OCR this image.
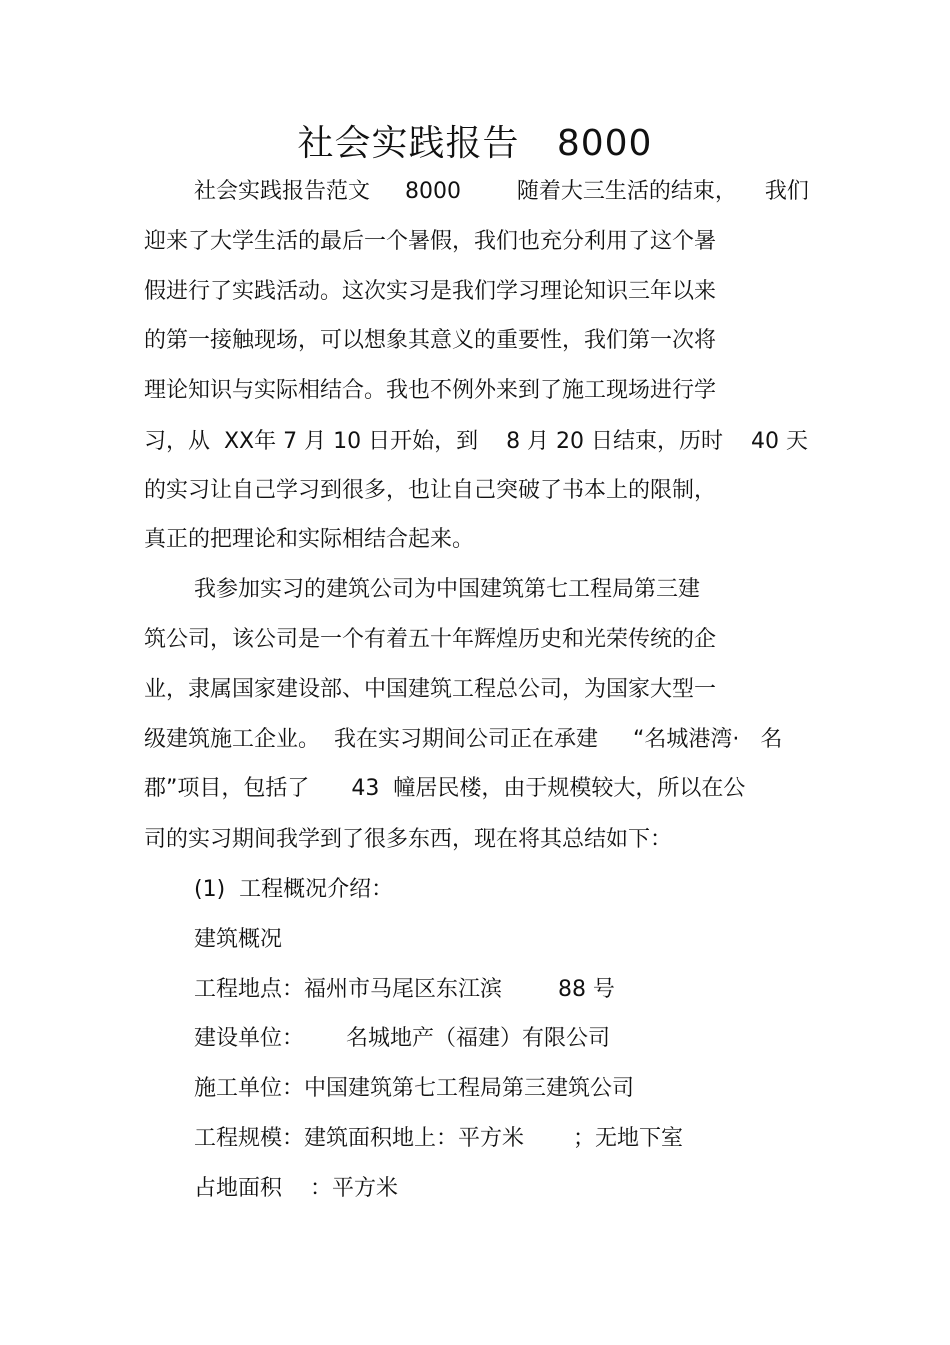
社会实践报告   8000
社会实践报告范文     8000        随着大三生活的结束，    我们
迎来了大学生活的最后一个暑假，我们也充分利用了这个暑
假进行了实践活动。这次实习是我们学习理论知识三年以来
的第一接触现场，可以想象其意义的重要性，我们第一次将
理论知识与实际相结合。我也不例外来到了施工现场进行学
习，从  XX年 7 月 10 日开始，到    8 月 20 日结束，历时    40 天
的实习让自己学习到很多，也让自己突破了书本上的限制，
真正的把理论和实际相结合起来。
我参加实习的建筑公司为中国建筑第七工程局第三建
筑公司，该公司是一个有着五十年辉煌历史和光荣传统的企
业，隶属国家建设部、中国建筑工程总公司，为国家大型一
级建筑施工企业。  我在实习期间公司正在承建     “名城港湾·   名
郡”项目，包括了      43  幢居民楼，由于规模较大，所以在公
司的实习期间我学到了很多东西，现在将其总结如下：
(1)  工程概况介绍：
建筑概况
工程地点：福州市马尾区东江滨        88 号
建设单位：      名城地产（福建）有限公司
施工单位：中国建筑第七工程局第三建筑公司
工程规模：建筑面积地上：平方米       ；无地下室
占地面积    ：平方米
